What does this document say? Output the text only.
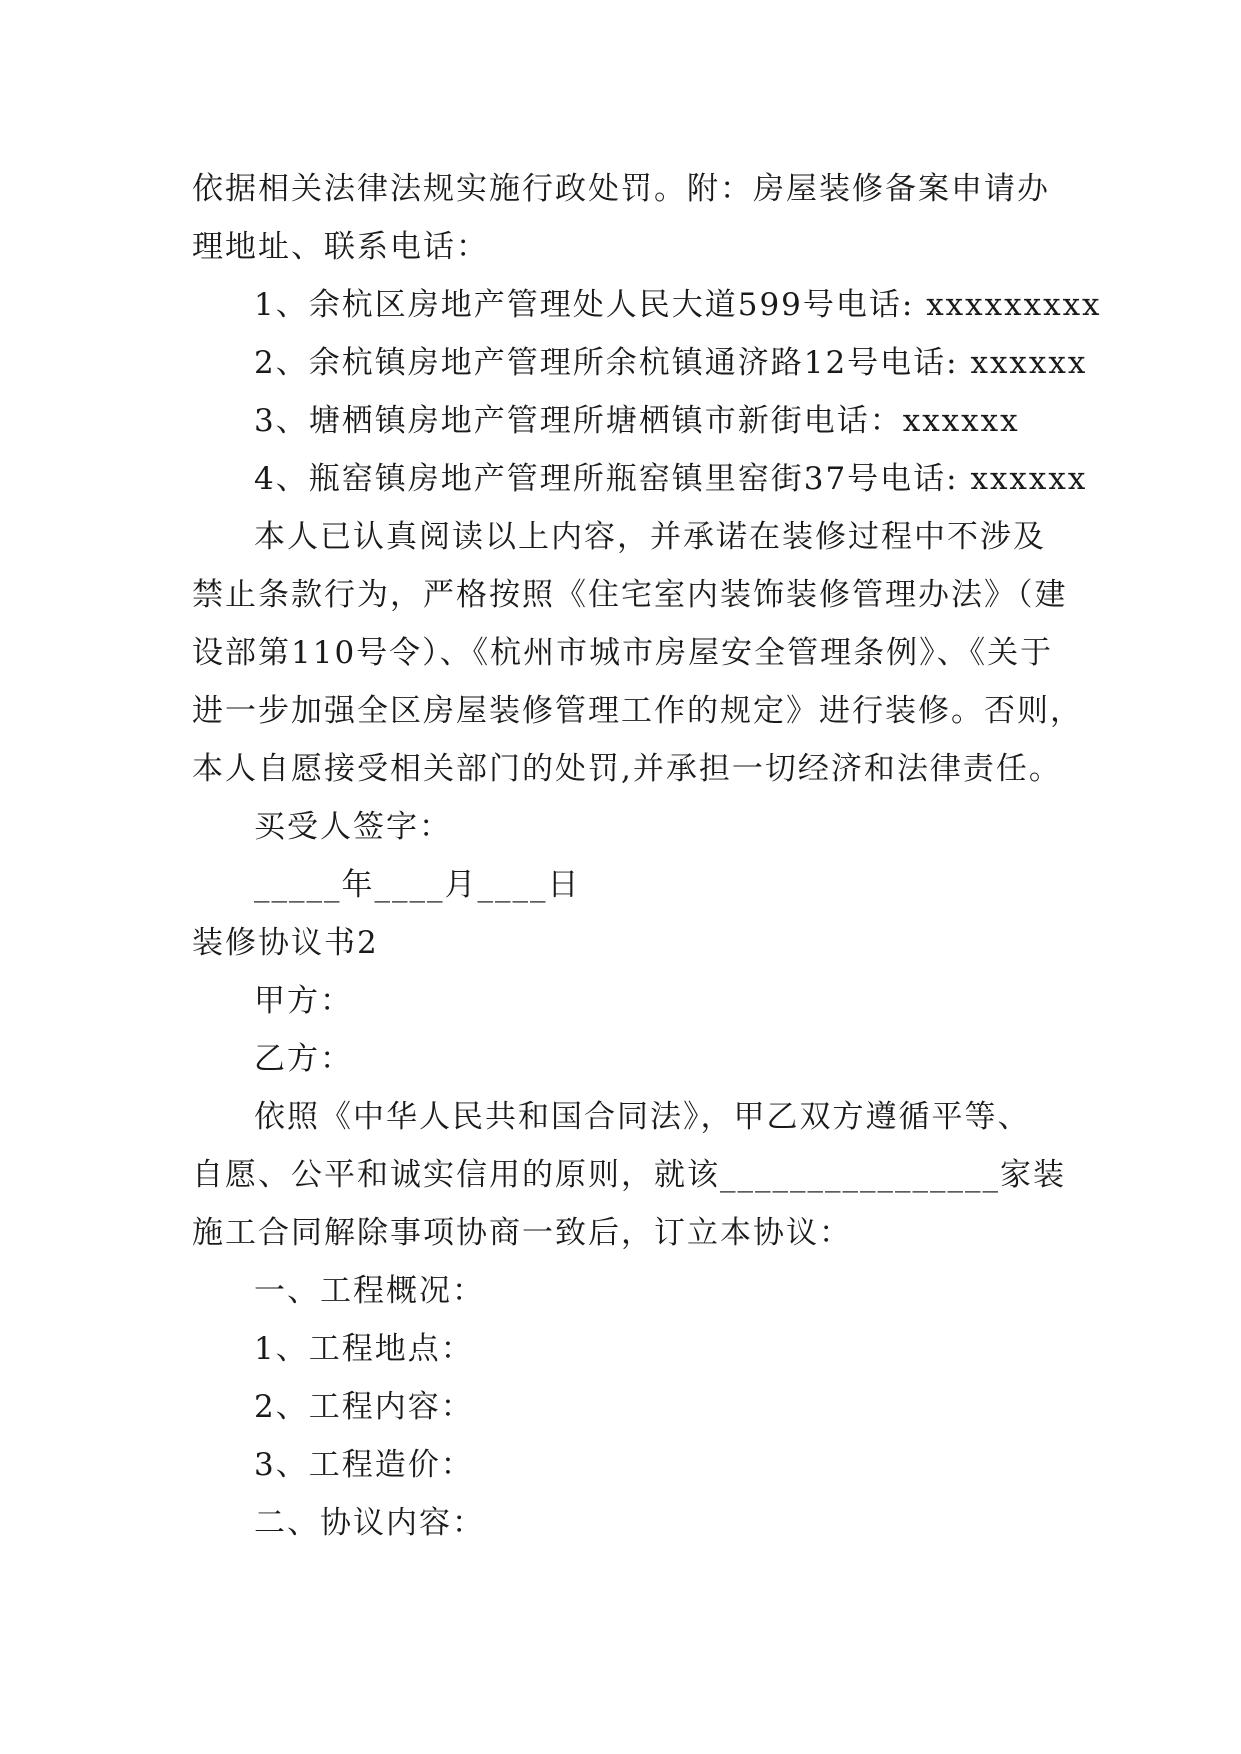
依据相关法律法规实施行政处罚。附：房屋装修备案申请办
理地址、联系电话：
1、余杭区房地产管理处人民大道599号电话: xxxxxxxxx
2、余杭镇房地产管理所余杭镇通济路12号电话: xxxxxx
3、塘栖镇房地产管理所塘栖镇市新街电话：xxxxxx
4、瓶窑镇房地产管理所瓶窑镇里窑街37号电话: xxxxxx
本人已认真阅读以上内容，并承诺在装修过程中不涉及
禁止条款行为，严格按照《住宅室内装饰装修管理办法》（建
设部第110号令）、《杭州市城市房屋安全管理条例》、《关于
进一步加强全区房屋装修管理工作的规定》进行装修。否则，
本人自愿接受相关部门的处罚,并承担一切经济和法律责任。
买受人签字：
_____年____月____日
装修协议书2
甲方：
乙方：
依照《中华人民共和国合同法》，甲乙双方遵循平等、
自愿、公平和诚实信用的原则，就该________________家装
施工合同解除事项协商一致后，订立本协议：
一、工程概况：
1、工程地点：
2、工程内容：
3、工程造价：
二、协议内容：
